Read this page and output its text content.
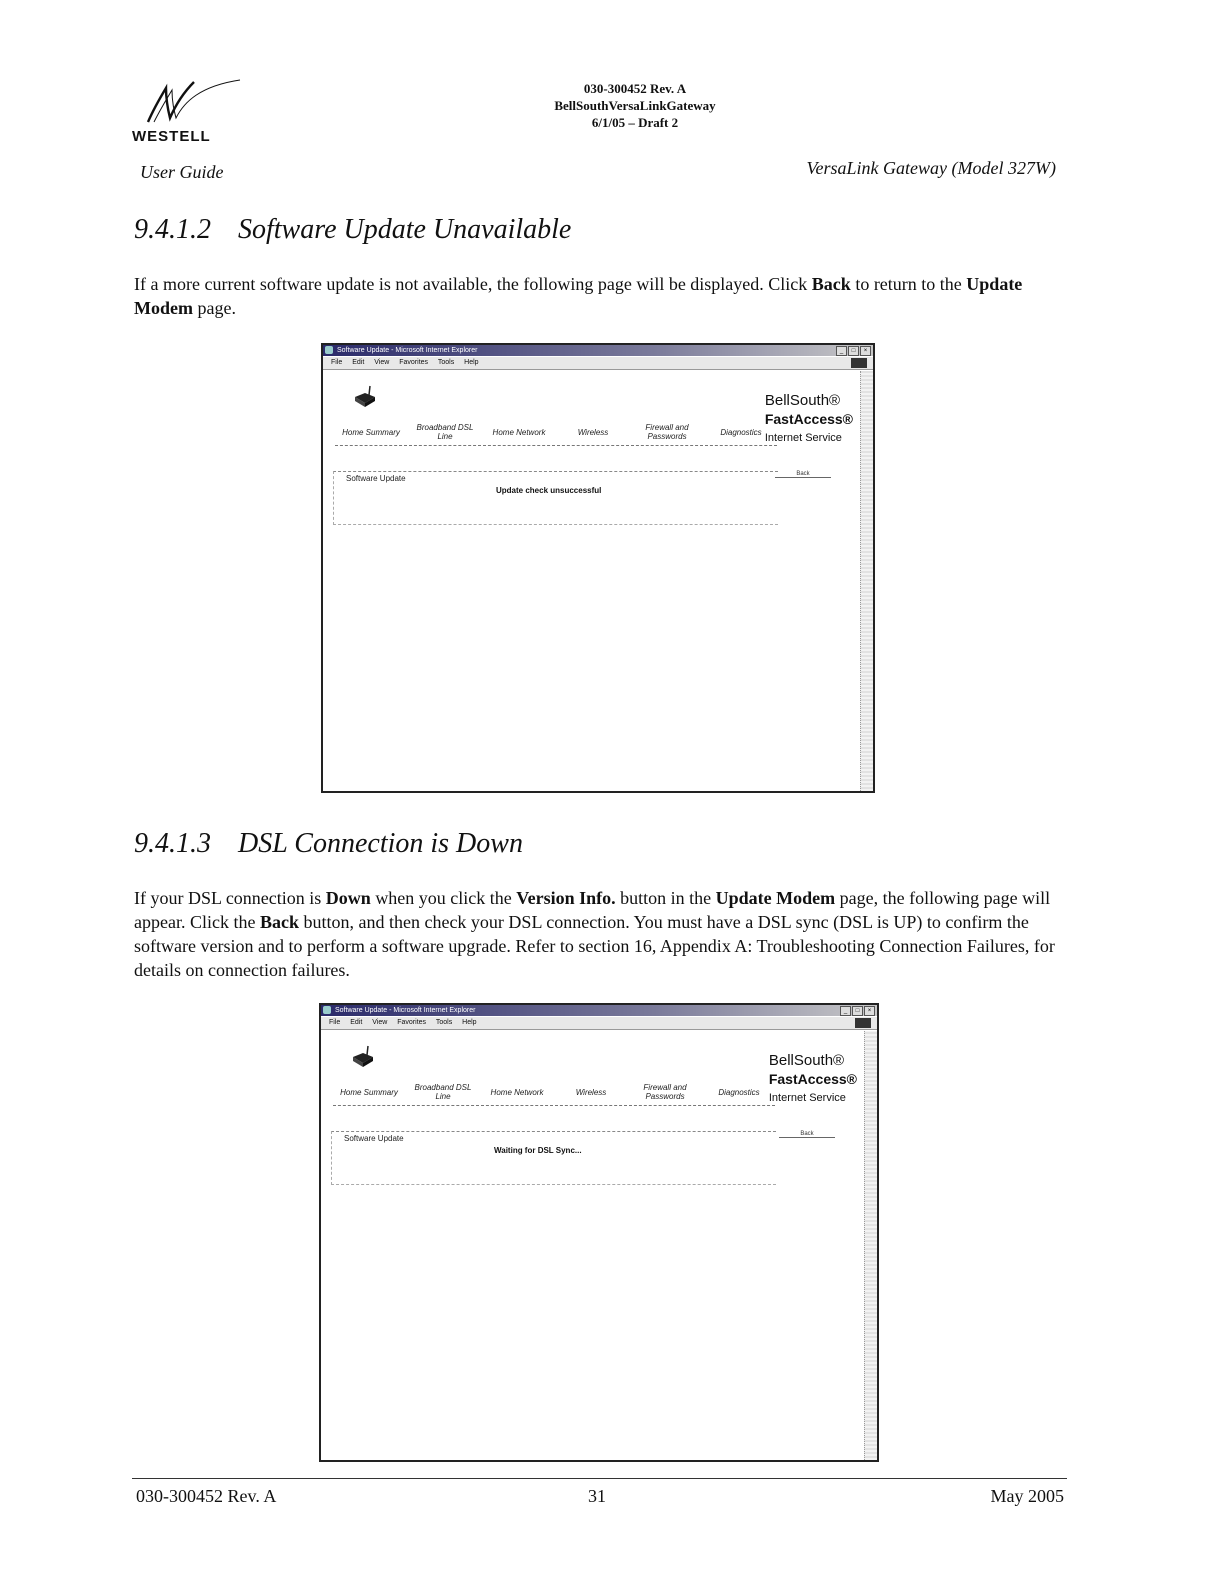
WESTELL
030-300452 Rev. A
BellSouthVersaLinkGateway
6/1/05 – Draft 2
User Guide	VersaLink Gateway (Model 327W)
9.4.1.2 Software Update Unavailable
If a more current software update is not available, the following page will be displayed. Click Back to return to the Update Modem page.
Software Update - Microsoft Internet Explorer	_	□	×
File Edit View Favorites Tools Help
Home Summary	Broadband DSL Line	Home Network	Wireless	Firewall and Passwords	Diagnostics
BellSouth®
FastAccess®
Internet Service
Software Update
Update check unsuccessful
Back
9.4.1.3 DSL Connection is Down
If your DSL connection is Down when you click the Version Info. button in the Update Modem page, the following page will appear. Click the Back button, and then check your DSL connection. You must have a DSL sync (DSL is UP) to confirm the software version and to perform a software upgrade. Refer to section 16, Appendix A: Troubleshooting Connection Failures, for details on connection failures.
Software Update - Microsoft Internet Explorer	_	□	×
File Edit View Favorites Tools Help
Home Summary	Broadband DSL Line	Home Network	Wireless	Firewall and Passwords	Diagnostics
BellSouth®
FastAccess®
Internet Service
Software Update
Waiting for DSL Sync...
Back
030-300452 Rev. A	31	May 2005
